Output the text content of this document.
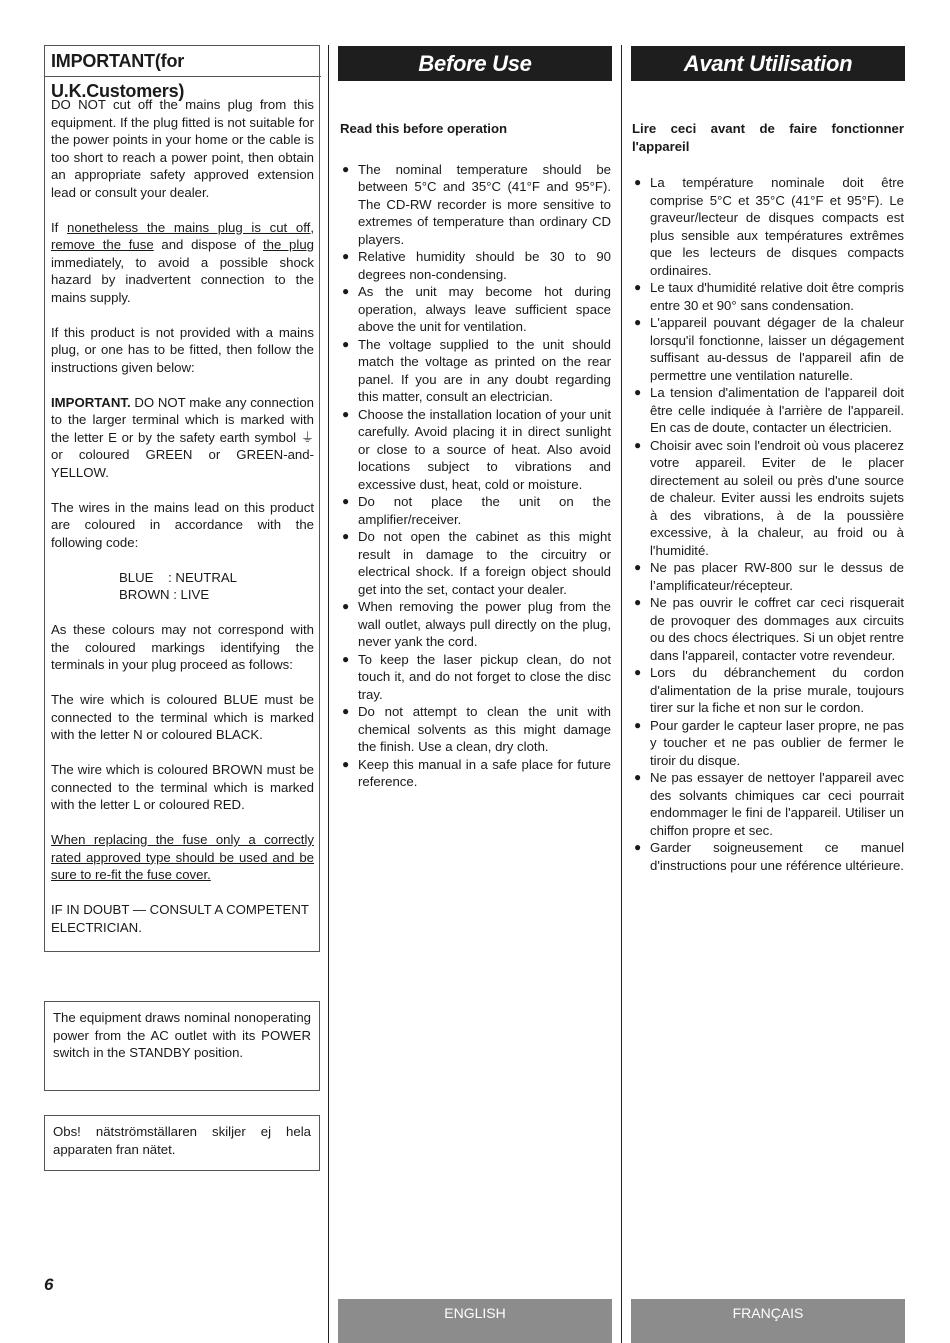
IMPORTANT(for U.K.Customers)

DO NOT cut off the mains plug from this equipment. If the plug fitted is not suitable for the power points in your home or the cable is too short to reach a power point, then obtain an appropriate safety approved extension lead or consult your dealer.

If nonetheless the mains plug is cut off, remove the fuse and dispose of the plug immediately, to avoid a possible shock hazard by inadvertent connection to the mains supply.

If this product is not provided with a mains plug, or one has to be fitted, then follow the instructions given below:

IMPORTANT. DO NOT make any connection to the larger terminal which is marked with the letter E or by the safety earth symbol ⏚ or coloured GREEN or GREEN-and-YELLOW.

The wires in the mains lead on this product are coloured in accordance with the following code:

BLUE    : NEUTRAL
BROWN : LIVE

As these colours may not correspond with the coloured markings identifying the terminals in your plug proceed as follows:

The wire which is coloured BLUE must be connected to the terminal which is marked with the letter N or coloured BLACK.

The wire which is coloured BROWN must be connected to the terminal which is marked with the letter L or coloured RED.

When replacing the fuse only a correctly rated approved type should be used and be sure to re-fit the fuse cover.

IF IN DOUBT — CONSULT A COMPETENT ELECTRICIAN.

The equipment draws nominal nonoperating power from the AC outlet with its POWER switch in the STANDBY position.
Obs! nätströmställaren skiljer ej hela apparaten fran nätet.
6
Before Use

Read this before operation

● The nominal temperature should be between 5°C and 35°C (41°F and 95°F). The CD-RW recorder is more sensitive to extremes of temperature than ordinary CD players.
● Relative humidity should be 30 to 90 degrees non-condensing.
● As the unit may become hot during operation, always leave sufficient space above the unit for ventilation.
● The voltage supplied to the unit should match the voltage as printed on the rear panel. If you are in any doubt regarding this matter, consult an electrician.
● Choose the installation location of your unit carefully. Avoid placing it in direct sunlight or close to a source of heat. Also avoid locations subject to vibrations and excessive dust, heat, cold or moisture.
● Do not place the unit on the amplifier/receiver.
● Do not open the cabinet as this might result in damage to the circuitry or electrical shock. If a foreign object should get into the set, contact your dealer.
● When removing the power plug from the wall outlet, always pull directly on the plug, never yank the cord.
● To keep the laser pickup clean, do not touch it, and do not forget to close the disc tray.
● Do not attempt to clean the unit with chemical solvents as this might damage the finish. Use a clean, dry cloth.
● Keep this manual in a safe place for future reference.
ENGLISH
Avant Utilisation

Lire ceci avant de faire fonctionner l'appareil

● La température nominale doit être comprise 5°C et 35°C (41°F et 95°F). Le graveur/lecteur de disques compacts est plus sensible aux températures extrêmes que les lecteurs de disques compacts ordinaires.
● Le taux d'humidité relative doit être compris entre 30 et 90° sans condensation.
● L'appareil pouvant dégager de la chaleur lorsqu'il fonctionne, laisser un dégagement suffisant au-dessus de l'appareil afin de permettre une ventilation naturelle.
● La tension d'alimentation de l'appareil doit être celle indiquée à l'arrière de l'appareil. En cas de doute, contacter un électricien.
● Choisir avec soin l'endroit où vous placerez votre appareil. Eviter de le placer directement au soleil ou près d'une source de chaleur. Eviter aussi les endroits sujets à des vibrations, à de la poussière excessive, à la chaleur, au froid ou à l'humidité.
● Ne pas placer RW-800 sur le dessus de l’amplificateur/récepteur.
● Ne pas ouvrir le coffret car ceci risquerait de provoquer des dommages aux circuits ou des chocs électriques. Si un objet rentre dans l'appareil, contacter votre revendeur.
● Lors du débranchement du cordon d'alimentation de la prise murale, toujours tirer sur la fiche et non sur le cordon.
● Pour garder le capteur laser propre, ne pas y toucher et ne pas oublier de fermer le tiroir du disque.
● Ne pas essayer de nettoyer l'appareil avec des solvants chimiques car ceci pourrait endommager le fini de l'appareil. Utiliser un chiffon propre et sec.
● Garder soigneusement ce manuel d'instructions pour une référence ultérieure.
FRANÇAIS
